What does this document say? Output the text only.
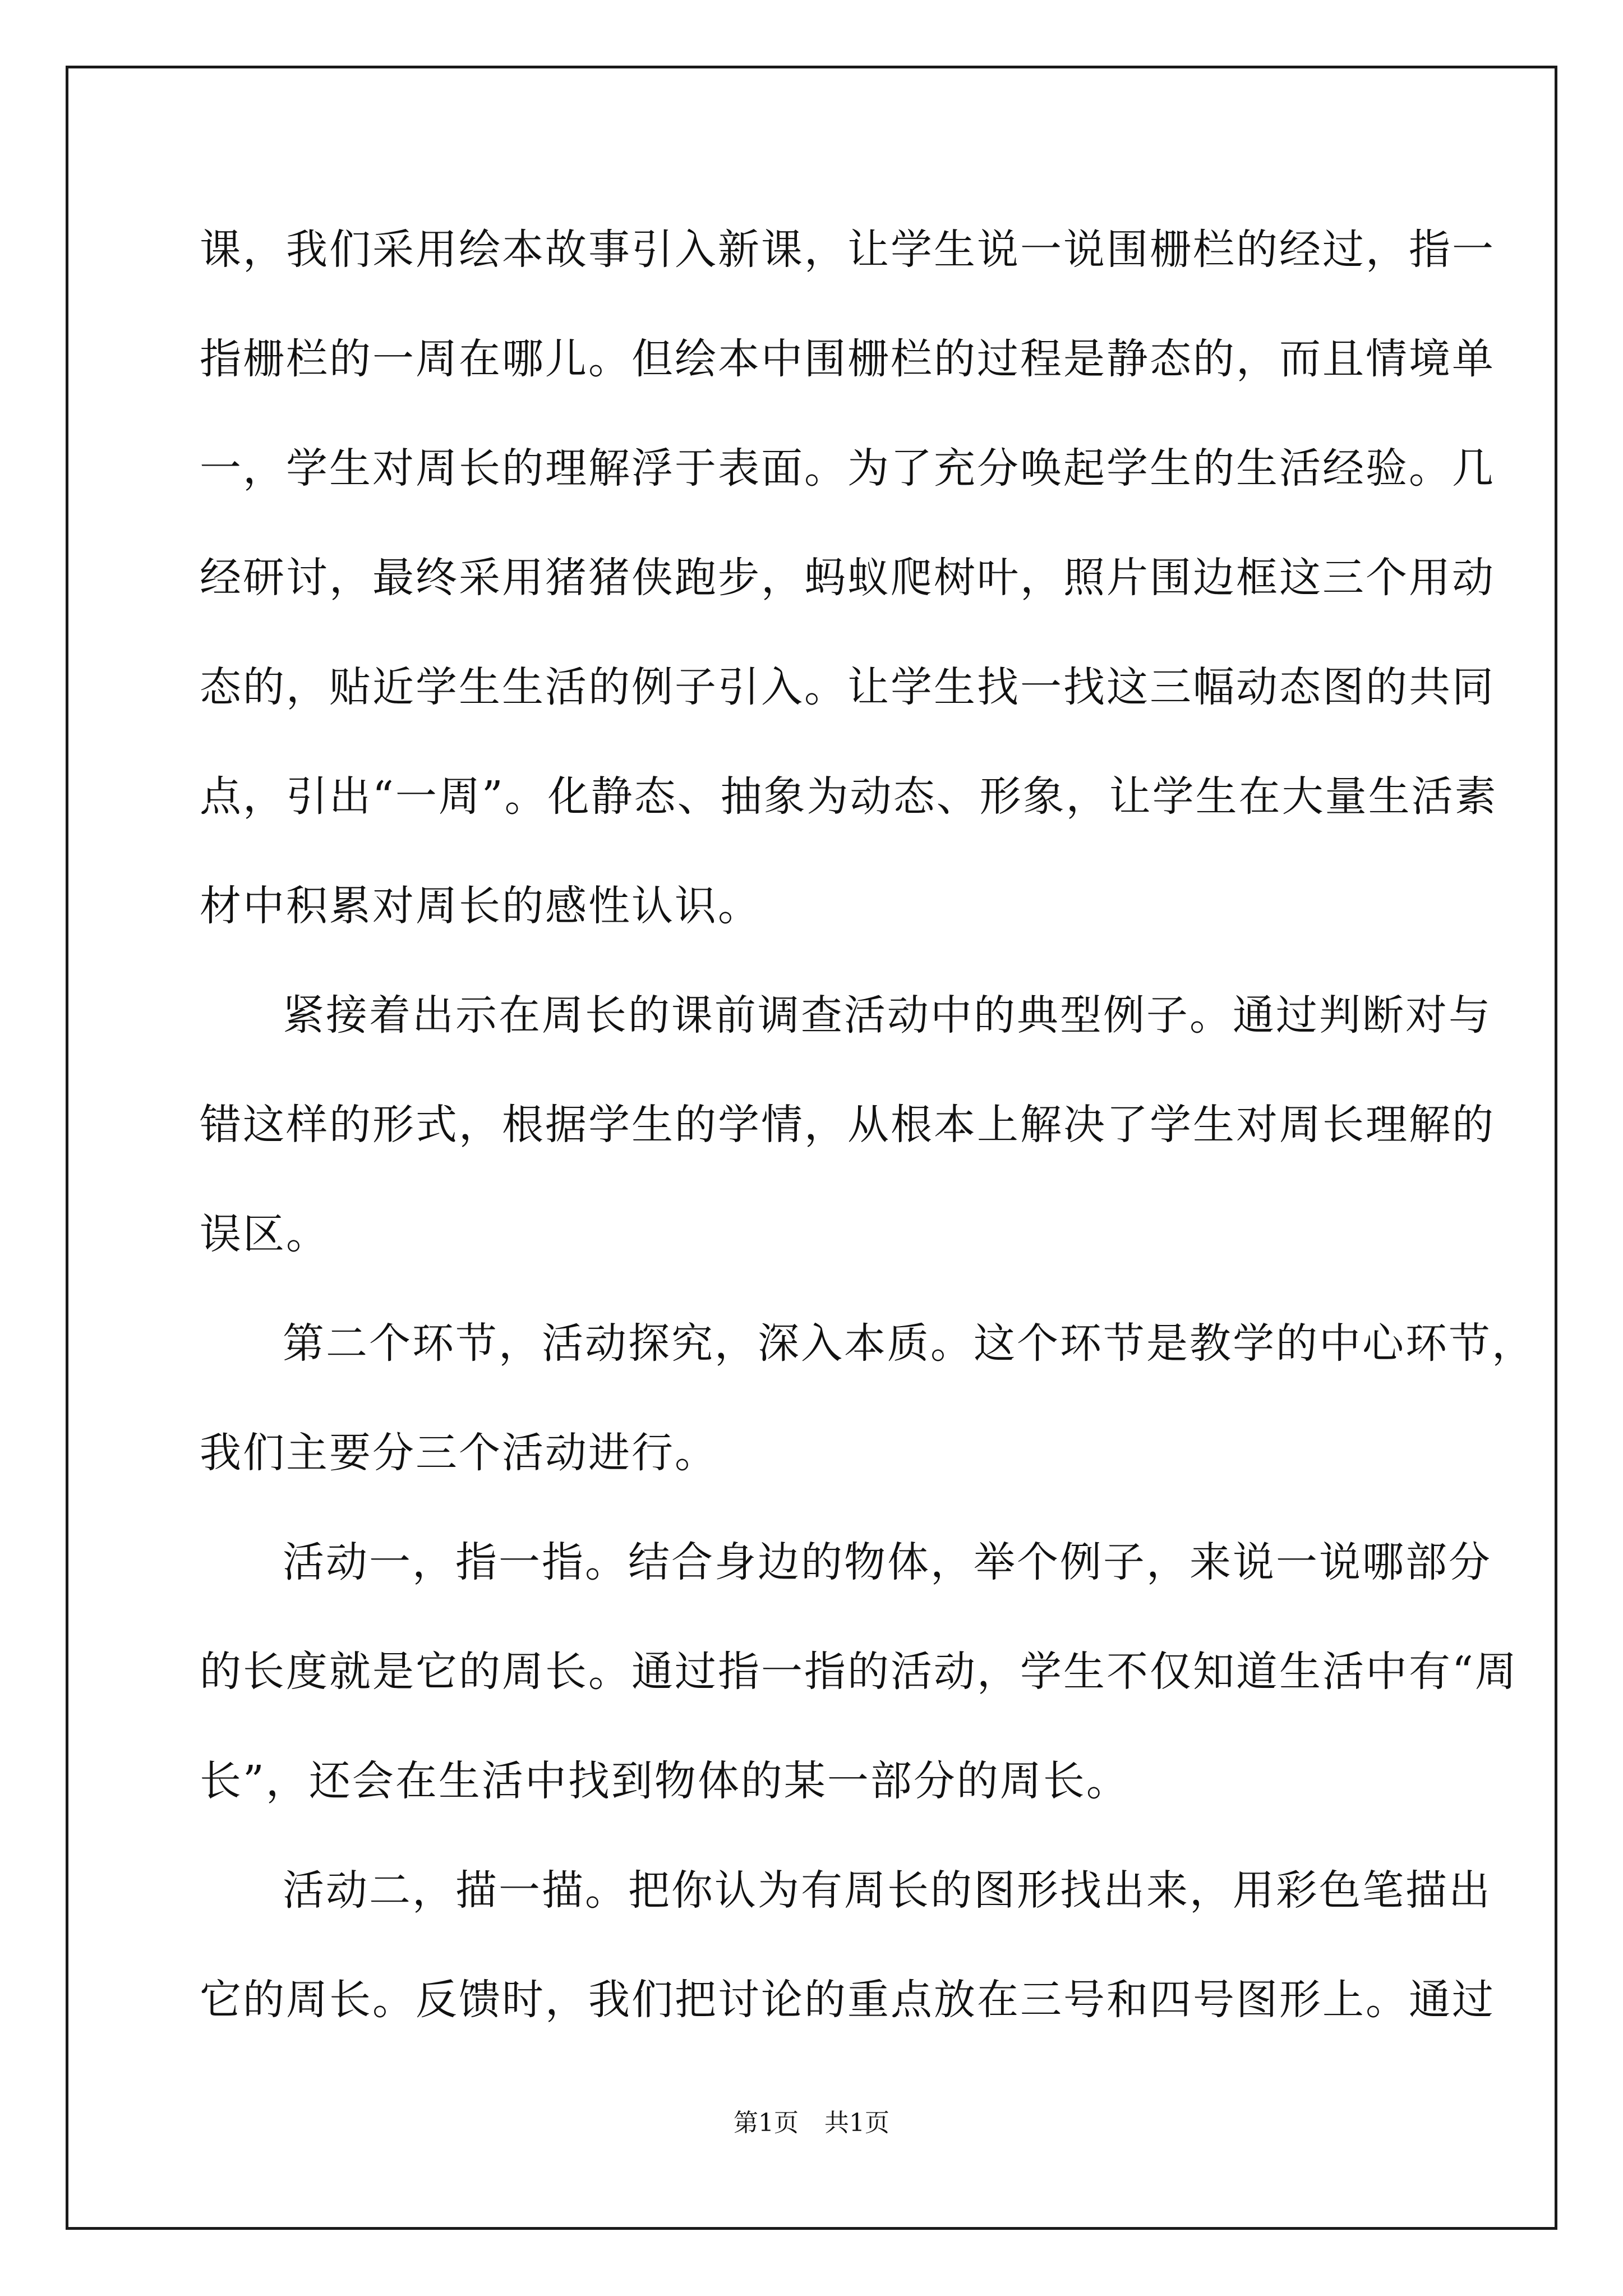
课，我们采用绘本故事引入新课，让学生说一说围栅栏的经过，指一
指栅栏的一周在哪儿。但绘本中围栅栏的过程是静态的，而且情境单
一，学生对周长的理解浮于表面。为了充分唤起学生的生活经验。几
经研讨，最终采用猪猪侠跑步，蚂蚁爬树叶，照片围边框这三个用动
态的，贴近学生生活的例子引入。让学生找一找这三幅动态图的共同
点，引出“一周”。化静态、抽象为动态、形象，让学生在大量生活素
材中积累对周长的感性认识。
紧接着出示在周长的课前调查活动中的典型例子。通过判断对与
错这样的形式，根据学生的学情，从根本上解决了学生对周长理解的
误区。
第二个环节，活动探究，深入本质。这个环节是教学的中心环节，
我们主要分三个活动进行。
活动一，指一指。结合身边的物体，举个例子，来说一说哪部分
的长度就是它的周长。通过指一指的活动，学生不仅知道生活中有“周
长”，还会在生活中找到物体的某一部分的周长。
活动二，描一描。把你认为有周长的图形找出来，用彩色笔描出
它的周长。反馈时，我们把讨论的重点放在三号和四号图形上。通过
第1页 共1页
